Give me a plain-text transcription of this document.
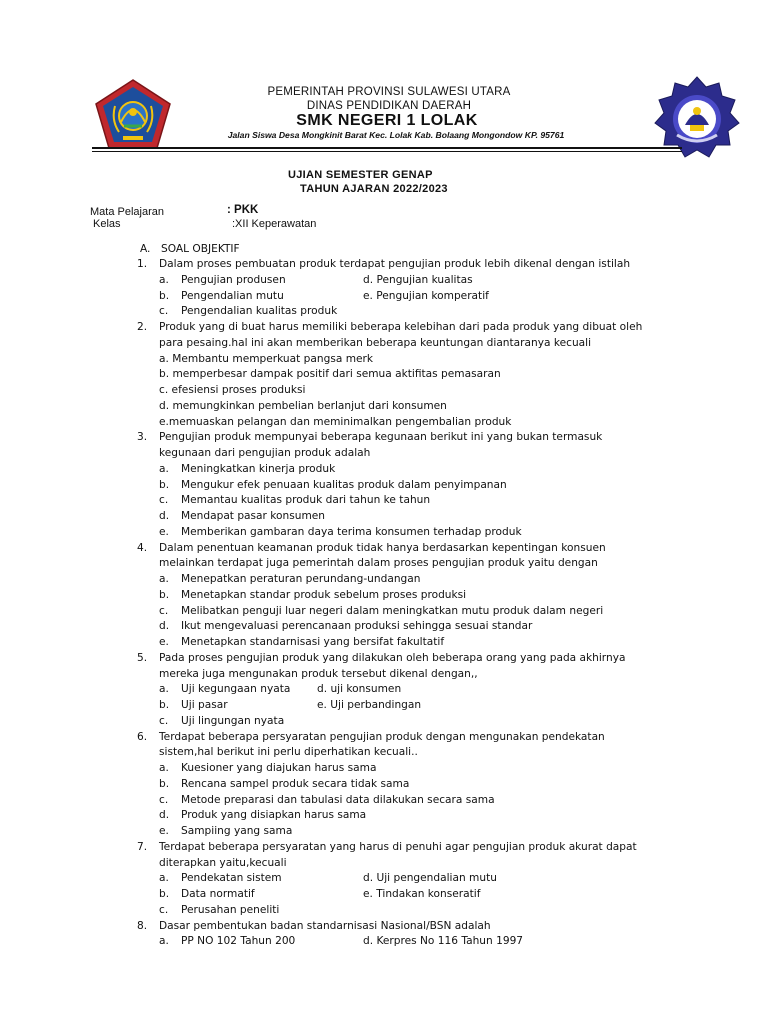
PEMERINTAH PROVINSI SULAWESI UTARA
DINAS PENDIDIKAN DAERAH
SMK NEGERI 1 LOLAK
Jalan Siswa Desa Mongkinit Barat Kec. Lolak Kab. Bolaang Mongondow KP. 95761
UJIAN SEMESTER GENAP
TAHUN AJARAN 2022/2023
Mata Pelajaran	: PKK
Kelas	:XII Keperawatan
A. SOAL OBJEKTIF
1. Dalam proses pembuatan produk terdapat pengujian produk lebih dikenal dengan istilah
a. Pengujian produsen	d. Pengujian kualitas
b. Pengendalian mutu	e. Pengujian komperatif
c. Pengendalian kualitas produk
2. Produk yang di buat harus memiliki beberapa kelebihan dari pada produk yang dibuat oleh
para pesaing.hal ini akan memberikan beberapa keuntungan diantaranya kecuali
a. Membantu memperkuat pangsa merk
b. memperbesar dampak positif dari semua aktifitas pemasaran
c. efesiensi proses produksi
d. memungkinkan pembelian berlanjut dari konsumen
e.memuaskan pelangan dan meminimalkan pengembalian produk
3. Pengujian produk mempunyai beberapa kegunaan berikut ini yang bukan termasuk
kegunaan dari pengujian produk adalah
a. Meningkatkan kinerja produk
b. Mengukur efek penuaan kualitas produk dalam penyimpanan
c. Memantau kualitas produk dari tahun ke tahun
d. Mendapat pasar konsumen
e. Memberikan gambaran daya terima konsumen terhadap produk
4. Dalam penentuan keamanan produk tidak hanya berdasarkan kepentingan konsuen
melainkan terdapat juga pemerintah dalam proses pengujian produk yaitu dengan
a. Menepatkan peraturan perundang-undangan
b. Menetapkan standar produk sebelum proses produksi
c. Melibatkan penguji luar negeri dalam meningkatkan mutu produk dalam negeri
d. Ikut mengevaluasi perencanaan produksi sehingga sesuai standar
e. Menetapkan standarnisasi yang bersifat fakultatif
5. Pada proses pengujian produk yang dilakukan oleh beberapa orang yang pada akhirnya
mereka juga mengunakan produk tersebut dikenal dengan,,
a. Uji kegungaan nyata	d. uji konsumen
b. Uji pasar	e. Uji perbandingan
c. Uji lingungan nyata
6. Terdapat beberapa persyaratan pengujian produk dengan mengunakan pendekatan
sistem,hal berikut ini perlu diperhatikan kecuali..
a. Kuesioner yang diajukan harus sama
b. Rencana sampel produk secara tidak sama
c. Metode preparasi dan tabulasi data dilakukan secara sama
d. Produk yang disiapkan harus sama
e. Sampiing yang sama
7. Terdapat beberapa persyaratan yang harus di penuhi agar pengujian produk akurat dapat
diterapkan yaitu,kecuali
a. Pendekatan sistem	d. Uji pengendalian mutu
b. Data normatif	e. Tindakan konseratif
c. Perusahan peneliti
8. Dasar pembentukan badan standarnisasi Nasional/BSN adalah
a. PP NO 102 Tahun 200	d. Kerpres No 116 Tahun 1997
